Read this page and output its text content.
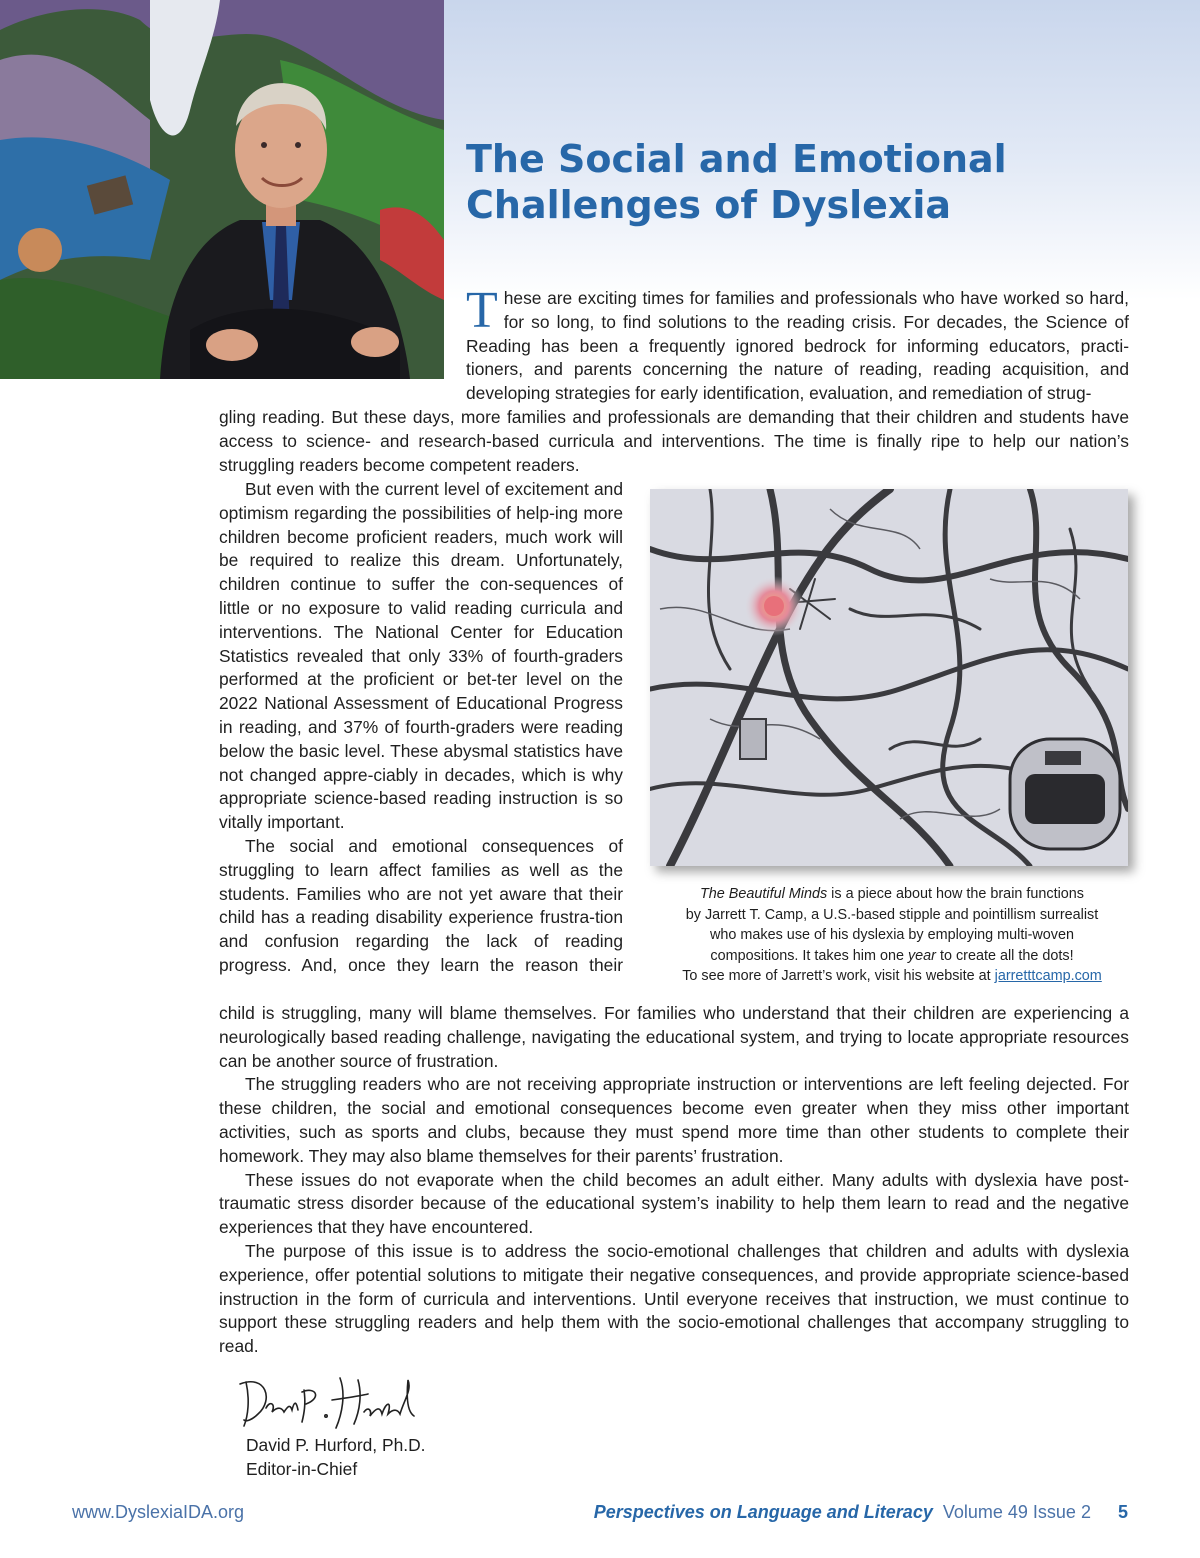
The Social and Emotional Challenges of Dyslexia

These are exciting times for families and professionals who have worked so hard, for so long, to find solutions to the reading crisis. For decades, the Science of Reading has been a frequently ignored bedrock for informing educators, practi-tioners, and parents concerning the nature of reading, reading acquisition, and developing strategies for early identification, evaluation, and remediation of strug-

gling reading. But these days, more families and professionals are demanding that their children and students have access to science- and research-based curricula and interventions. The time is finally ripe to help our nation’s struggling readers become competent readers.

But even with the current level of excitement and optimism regarding the possibilities of help-ing more children become proficient readers, much work will be required to realize this dream. Unfortunately, children continue to suffer the con-sequences of little or no exposure to valid reading curricula and interventions. The National Center for Education Statistics revealed that only 33% of fourth-graders performed at the proficient or bet-ter level on the 2022 National Assessment of Educational Progress in reading, and 37% of fourth-graders were reading below the basic level. These abysmal statistics have not changed appre-ciably in decades, which is why appropriate science-based reading instruction is so vitally important.

The social and emotional consequences of struggling to learn affect families as well as the students. Families who are not yet aware that their child has a reading disability experience frustra-tion and confusion regarding the lack of reading progress. And, once they learn the reason their

child is struggling, many will blame themselves. For families who understand that their children are experiencing a neurologically based reading challenge, navigating the educational system, and trying to locate appropriate resources can be another source of frustration.

The struggling readers who are not receiving appropriate instruction or interventions are left feeling dejected. For these children, the social and emotional consequences become even greater when they miss other important activities, such as sports and clubs, because they must spend more time than other students to complete their homework. They may also blame themselves for their parents’ frustration.

These issues do not evaporate when the child becomes an adult either. Many adults with dyslexia have post-traumatic stress disorder because of the educational system’s inability to help them learn to read and the negative experiences that they have encountered.

The purpose of this issue is to address the socio-emotional challenges that children and adults with dyslexia experience, offer potential solutions to mitigate their negative consequences, and provide appropriate science-based instruction in the form of curricula and interventions. Until everyone receives that instruction, we must continue to support these struggling readers and help them with the socio-emotional challenges that accompany struggling to read.

The Beautiful Minds is a piece about how the brain functions
by Jarrett T. Camp, a U.S.-based stipple and pointillism surrealist
who makes use of his dyslexia by employing multi-woven
compositions. It takes him one year to create all the dots!
To see more of Jarrett’s work, visit his website at jarretttcamp.com

David P. Hurford, Ph.D.
Editor-in-Chief

www.DyslexiaIDA.org	Perspectives on Language and Literacy Volume 49 Issue 2 5
